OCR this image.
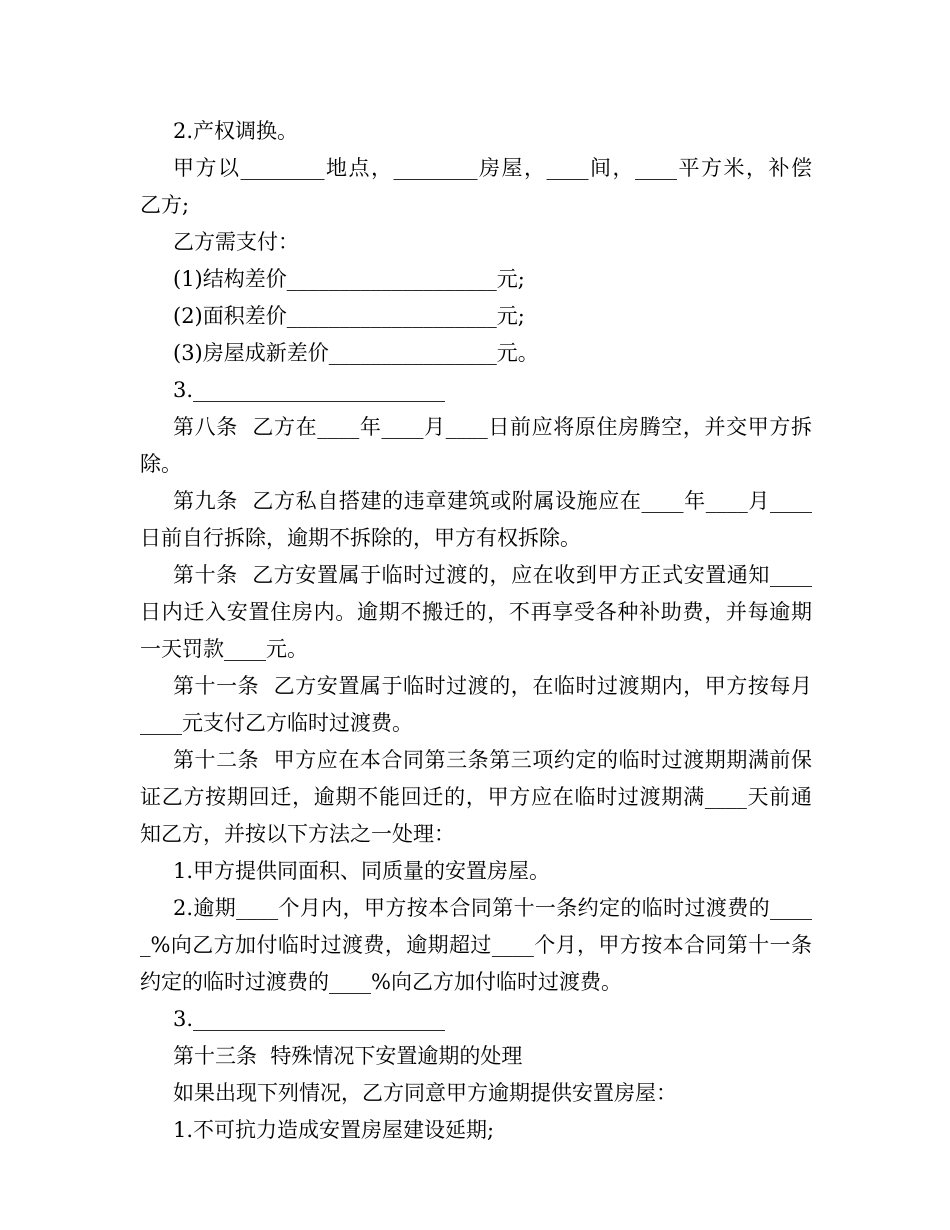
2.产权调换。
甲方以________地点，________房屋，____间，____平方米，补偿
乙方;
乙方需支付：
(1)结构差价____________________元;
(2)面积差价____________________元;
(3)房屋成新差价________________元。
3.________________________
第八条  乙方在____年____月____日前应将原住房腾空，并交甲方拆
除。
第九条  乙方私自搭建的违章建筑或附属设施应在____年____月____
日前自行拆除，逾期不拆除的，甲方有权拆除。
第十条  乙方安置属于临时过渡的，应在收到甲方正式安置通知____
日内迁入安置住房内。逾期不搬迁的，不再享受各种补助费，并每逾期
一天罚款____元。
第十一条  乙方安置属于临时过渡的，在临时过渡期内，甲方按每月
____元支付乙方临时过渡费。
第十二条  甲方应在本合同第三条第三项约定的临时过渡期期满前保
证乙方按期回迁，逾期不能回迁的，甲方应在临时过渡期满____天前通
知乙方，并按以下方法之一处理：
1.甲方提供同面积、同质量的安置房屋。
2.逾期____个月内，甲方按本合同第十一条约定的临时过渡费的____
_%向乙方加付临时过渡费，逾期超过____个月，甲方按本合同第十一条
约定的临时过渡费的____%向乙方加付临时过渡费。
3.________________________
第十三条  特殊情况下安置逾期的处理
如果出现下列情况，乙方同意甲方逾期提供安置房屋：
1.不可抗力造成安置房屋建设延期;
